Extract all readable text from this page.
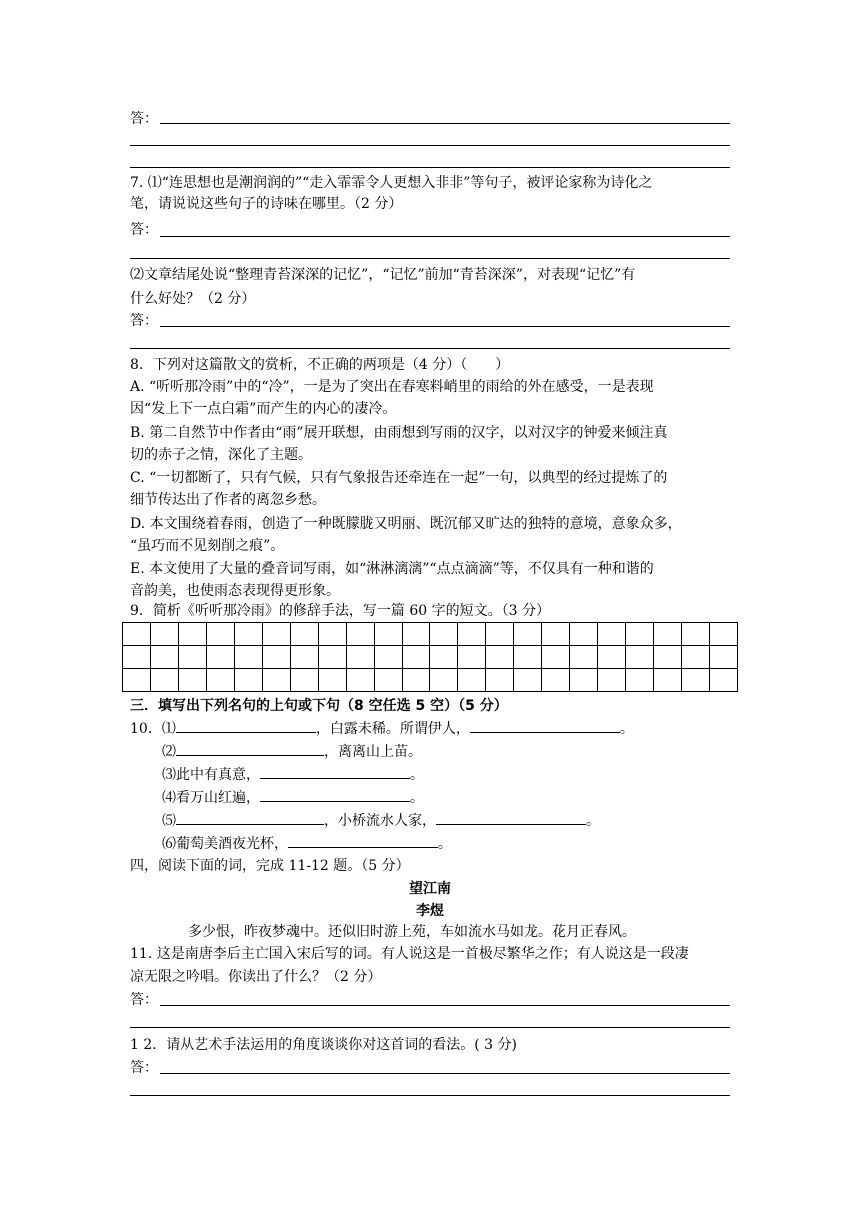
答：
7. ⑴“连思想也是潮润润的”“走入霏霏令人更想入非非”等句子，被评论家称为诗化之
笔，请说说这些句子的诗味在哪里。（2 分）
答：
⑵文章结尾处说“整理青苔深深的记忆”，“记忆”前加“青苔深深”，对表现“记忆”有
什么好处？（2 分）
答：
8．下列对这篇散文的赏析，不正确的两项是（4 分）（　　）
A. “听听那冷雨”中的“冷”，一是为了突出在春寒料峭里的雨给的外在感受，一是表现
因“发上下一点白霜”而产生的内心的凄冷。
B. 第二自然节中作者由“雨”展开联想，由雨想到写雨的汉字，以对汉字的钟爱来倾注真
切的赤子之情，深化了主题。
C. “一切都断了，只有气候，只有气象报告还牵连在一起”一句，以典型的经过提炼了的
细节传达出了作者的离忽乡愁。
D. 本文围绕着春雨，创造了一种既朦胧又明丽、既沉郁又旷达的独特的意境，意象众多，
“虽巧而不见刻削之痕”。
E. 本文使用了大量的叠音词写雨，如“淋淋漓漓”“点点滴滴”等，不仅具有一种和谐的
音韵美，也使雨态表现得更形象。
9．简析《听听那冷雨》的修辞手法，写一篇 60 字的短文。（3 分）

三．填写出下列名句的上句或下句（8 空任选 5 空）（5 分）
10．⑴	，白露未稀。所谓伊人，	。
⑵	，离离山上苗。
⑶此中有真意，	。
⑷看万山红遍，	。
⑸	，小桥流水人家，	。
⑹葡萄美酒夜光杯，	。
四，阅读下面的词，完成 11-12 题。（5 分）
望江南
李煜
多少恨，昨夜梦魂中。还似旧时游上苑，车如流水马如龙。花月正春风。
11. 这是南唐李后主亡国入宋后写的词。有人说这是一首极尽繁华之作；有人说这是一段凄
凉无限之吟唱。你读出了什么？（2 分）
答：
1 2．请从艺术手法运用的角度谈谈你对这首词的看法。( 3 分)
答：
